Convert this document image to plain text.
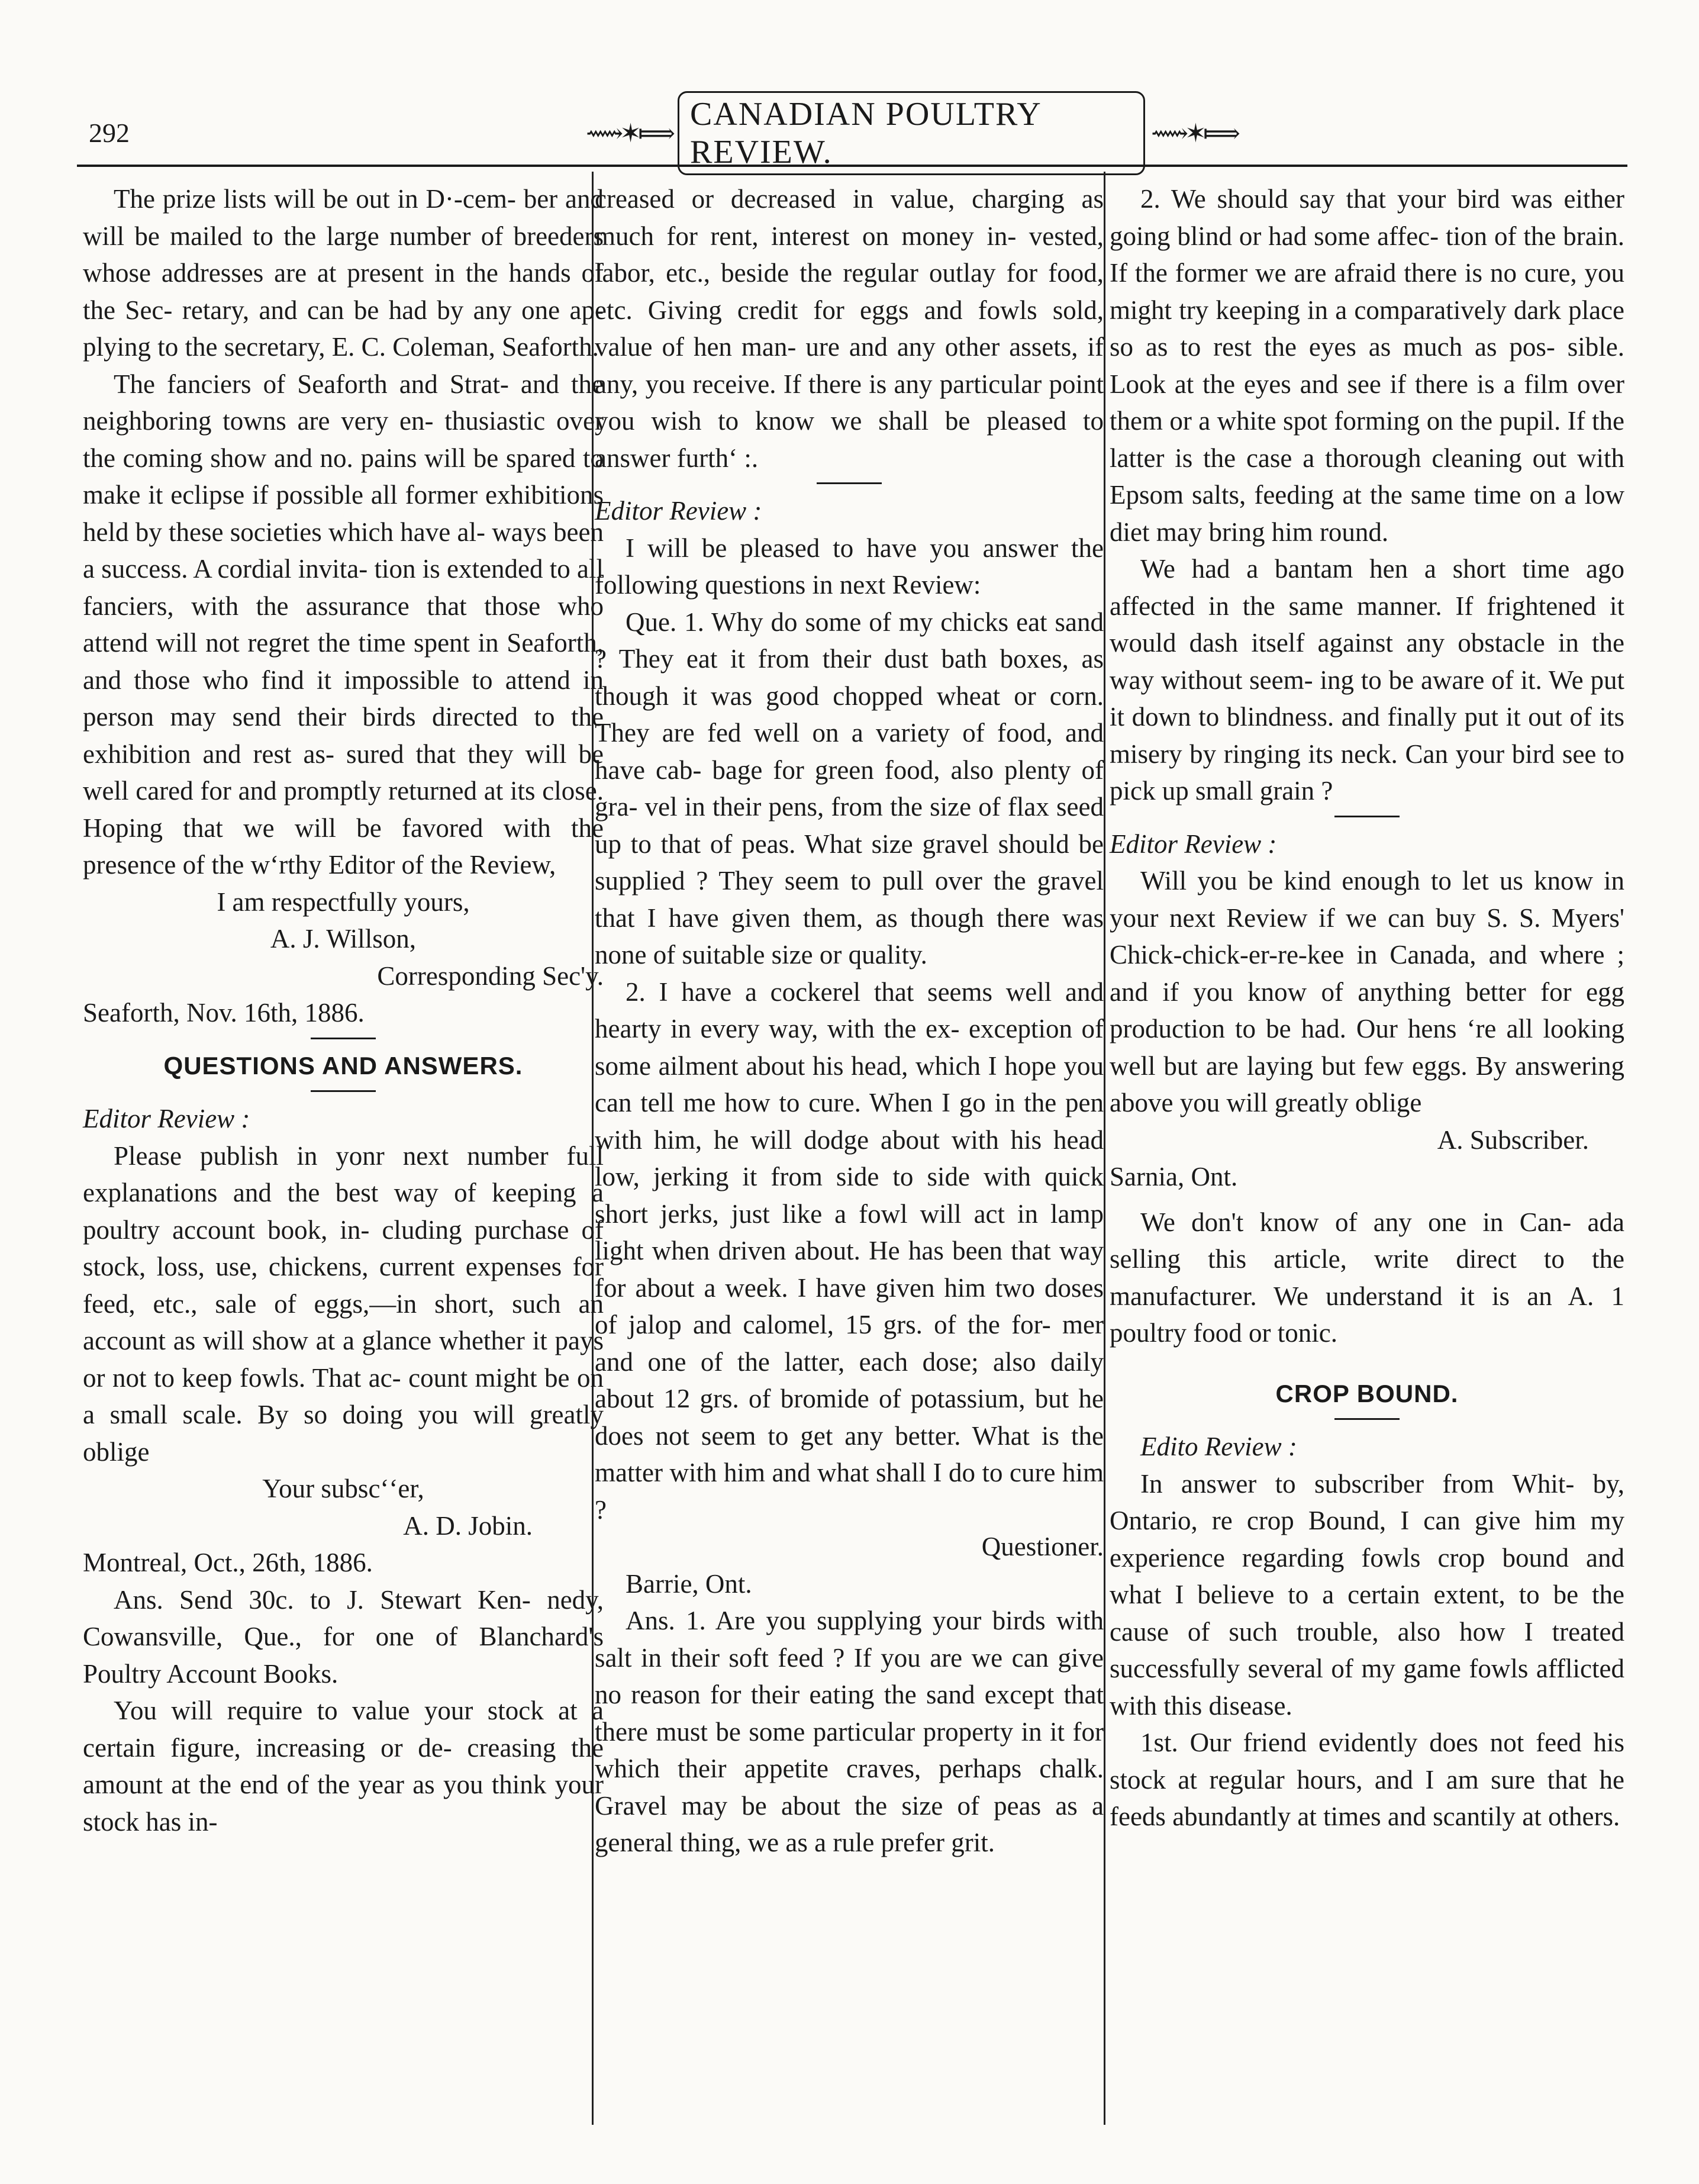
292	⟿✶⟾
CANADIAN POULTRY REVIEW.
⟿✶⟾

The prize lists will be out in D·-cem- ber and will be mailed to the large number of breeders whose addresses are at present in the hands of the Sec- retary, and can be had by any one ap- plying to the secretary, E. C. Coleman, Seaforth.

The fanciers of Seaforth and Strat- and the neighboring towns are very en- thusiastic over the coming show and no. pains will be spared to make it eclipse if possible all former exhibitions held by these societies which have al- ways been a success. A cordial invita- tion is extended to all fanciers, with the assurance that those who attend will not regret the time spent in Seaforth, and those who find it impossible to attend in person may send their birds directed to the exhibition and rest as- sured that they will be well cared for and promptly returned at its close. Hoping that we will be favored with the presence of the wʻrthy Editor of the Review,

I am respectfully yours,

A. J. Willson,

Corresponding Sec'y.

Seaforth, Nov. 16th, 1886.

QUESTIONS AND ANSWERS.

Editor Review :

Please publish in yonr next number full explanations and the best way of keeping a poultry account book, in- cluding purchase of stock, loss, use, chickens, current expenses for feed, etc., sale of eggs,—in short, such an account as will show at a glance whether it pays or not to keep fowls. That ac- count might be on a small scale. By so doing you will greatly oblige

Your subscʻʻer,

A. D. Jobin.

Montreal, Oct., 26th, 1886.

Ans. Send 30c. to J. Stewart Ken- nedy, Cowansville, Que., for one of Blanchard's Poultry Account Books.

You will require to value your stock at a certain figure, increasing or de- creasing the amount at the end of the year as you think your stock has in-

creased or decreased in value, charging as much for rent, interest on money in- vested, labor, etc., beside the regular outlay for food, etc. Giving credit for eggs and fowls sold, value of hen man- ure and any other assets, if any, you receive. If there is any particular point you wish to know we shall be pleased to answer furthʻ :.

Editor Review :

I will be pleased to have you answer the following questions in next Review:

Que. 1. Why do some of my chicks eat sand ? They eat it from their dust bath boxes, as though it was good chopped wheat or corn. They are fed well on a variety of food, and have cab- bage for green food, also plenty of gra- vel in their pens, from the size of flax seed up to that of peas. What size gravel should be supplied ? They seem to pull over the gravel that I have given them, as though there was none of suitable size or quality.

2. I have a cockerel that seems well and hearty in every way, with the ex- exception of some ailment about his head, which I hope you can tell me how to cure. When I go in the pen with him, he will dodge about with his head low, jerking it from side to side with quick short jerks, just like a fowl will act in lamp light when driven about. He has been that way for about a week. I have given him two doses of jalop and calomel, 15 grs. of the for- mer and one of the latter, each dose; also daily about 12 grs. of bromide of potassium, but he does not seem to get any better. What is the matter with him and what shall I do to cure him ?

Questioner.

Barrie, Ont.

Ans. 1. Are you supplying your birds with salt in their soft feed ? If you are we can give no reason for their eating the sand except that there must be some particular property in it for which their appetite craves, perhaps chalk. Gravel may be about the size of peas as a general thing, we as a rule prefer grit.

2. We should say that your bird was either going blind or had some affec- tion of the brain. If the former we are afraid there is no cure, you might try keeping in a comparatively dark place so as to rest the eyes as much as pos- sible. Look at the eyes and see if there is a film over them or a white spot forming on the pupil. If the latter is the case a thorough cleaning out with Epsom salts, feeding at the same time on a low diet may bring him round.

We had a bantam hen a short time ago affected in the same manner. If frightened it would dash itself against any obstacle in the way without seem- ing to be aware of it. We put it down to blindness. and finally put it out of its misery by ringing its neck. Can your bird see to pick up small grain ?

Editor Review :

Will you be kind enough to let us know in your next Review if we can buy S. S. Myers' Chick-chick-er-re-kee in Canada, and where ; and if you know of anything better for egg production to be had. Our hens ʻre all looking well but are laying but few eggs. By answering above you will greatly oblige

A. Subscriber.

Sarnia, Ont.

We don't know of any one in Can- ada selling this article, write direct to the manufacturer. We understand it is an A. 1 poultry food or tonic.

CROP BOUND.

Edito Review :

In answer to subscriber from Whit- by, Ontario, re crop Bound, I can give him my experience regarding fowls crop bound and what I believe to a certain extent, to be the cause of such trouble, also how I treated successfully several of my game fowls afflicted with this disease.

1st. Our friend evidently does not feed his stock at regular hours, and I am sure that he feeds abundantly at times and scantily at others.
